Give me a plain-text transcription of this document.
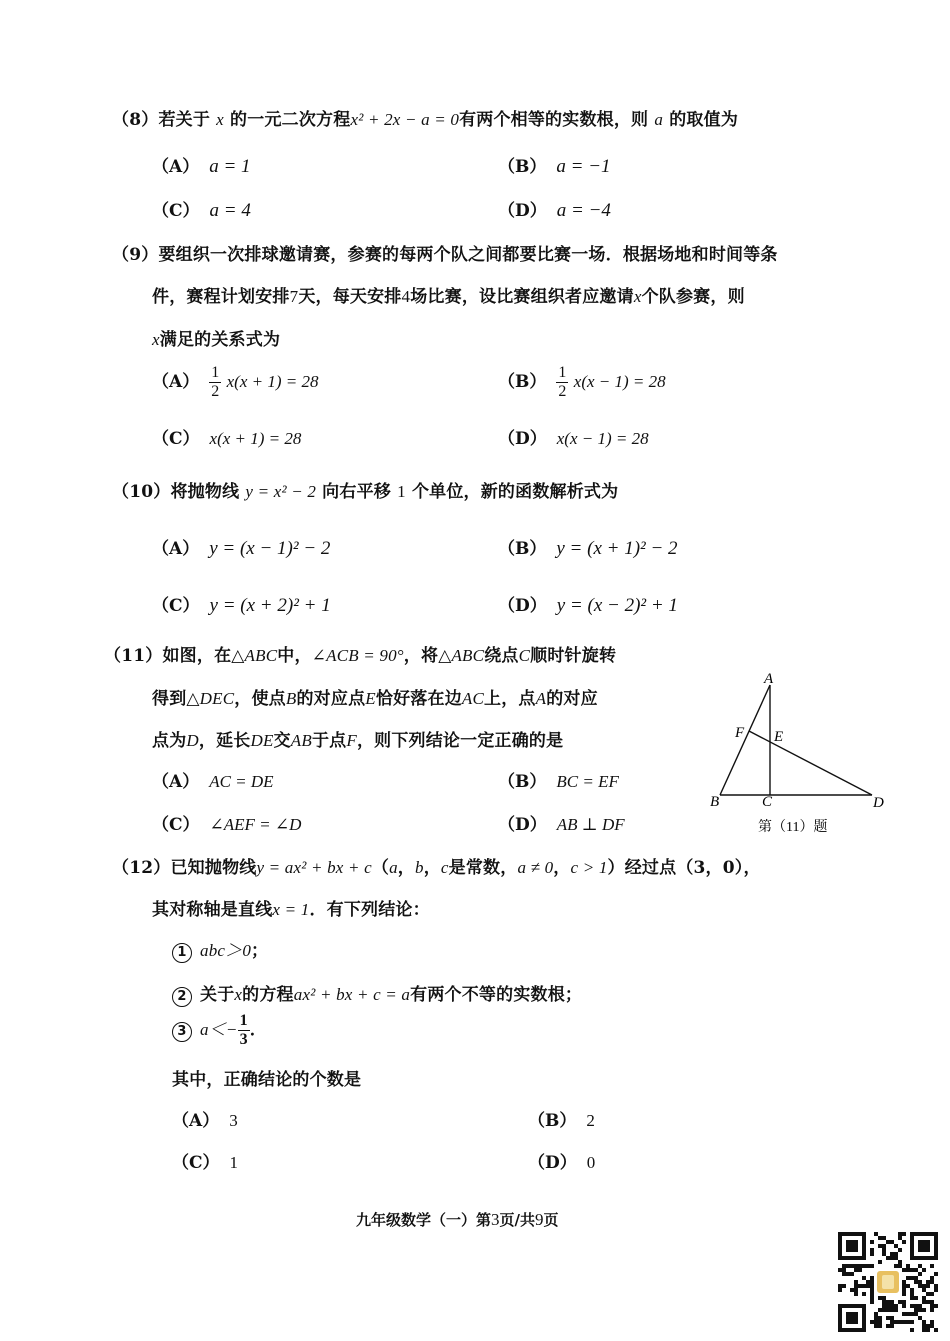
（8）若关于 x 的一元二次方程x² + 2x − a = 0有两个相等的实数根，则 a 的取值为
（A） a = 1	（B） a = −1
（C） a = 4	（D） a = −4
（9）要组织一次排球邀请赛，参赛的每两个队之间都要比赛一场．根据场地和时间等条
件，赛程计划安排7天，每天安排4场比赛，设比赛组织者应邀请x个队参赛，则
x满足的关系式为
$(A) \frac{1}{2} x(x + 1) = 28$	$(B) \frac{1}{2} x(x - 1) = 28$
（C） x(x + 1) = 28	（D） x(x − 1) = 28
（10）将抛物线 y = x² − 2 向右平移 1 个单位，新的函数解析式为
（A） y = (x − 1)² − 2	（B） y = (x + 1)² − 2
（C） y = (x + 2)² + 1	（D） y = (x − 2)² + 1
（11）如图，在△ABC中，∠ACB = 90°，将△ABC绕点C顺时针旋转
得到△DEC，使点B的对应点E恰好落在边AC上，点A的对应
点为D，延长DE交AB于点F，则下列结论一定正确的是
（A） AC = DE	（B） BC = EF
（C） ∠AEF = ∠D	（D） AB ⊥ DF
A
F E
B	C	D
第（11）题
（12）已知抛物线y = ax² + bx + c（a，b，c是常数，a ≠ 0，c > 1）经过点（3，0），
其对称轴是直线x = 1．有下列结论：
1 abc＞0；
2 关于x的方程ax² + bx + c = a有两个不等的实数根；
3 $a<- \frac{1}{3}$ ．
其中，正确结论的个数是
（A） 3	（B） 2
（C） 1	（D） 0
九年级数学（一）第3页/共9页
